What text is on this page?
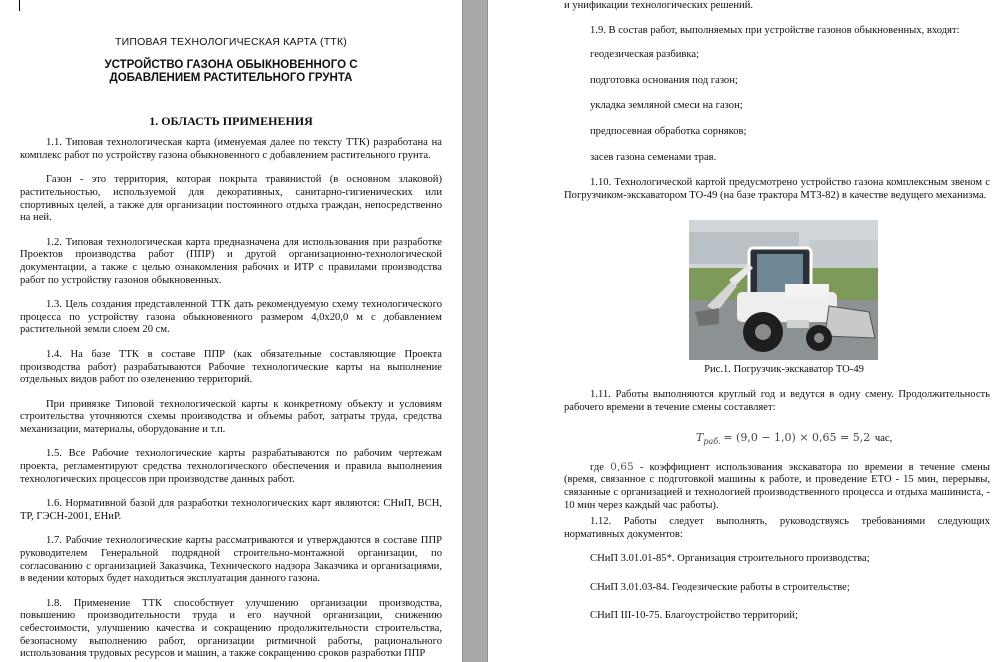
ТИПОВАЯ ТЕХНОЛОГИЧЕСКАЯ КАРТА (ТТК)

УСТРОЙСТВО ГАЗОНА ОБЫКНОВЕННОГО С ДОБАВЛЕНИЕМ РАСТИТЕЛЬНОГО ГРУНТА

1. ОБЛАСТЬ ПРИМЕНЕНИЯ

1.1. Типовая технологическая карта (именуемая далее по тексту ТТК) разработана на комплекс работ по устройству газона обыкновенного с добавлением растительного грунта.

Газон - это территория, которая покрыта травянистой (в основном злаковой) растительностью, используемой для декоративных, санитарно-гигиенических или спортивных целей, а также для организации постоянного отдыха граждан, непосредственно на ней.

1.2. Типовая технологическая карта предназначена для использования при разработке Проектов производства работ (ППР) и другой организационно-технологической документации, а также с целью ознакомления рабочих и ИТР с правилами производства работ по устройству газонов обыкновенных.

1.3. Цель создания представленной ТТК дать рекомендуемую схему технологического процесса по устройству газона обыкновенного размером 4,0х20,0 м с добавлением растительной земли слоем 20 см.

1.4. На базе ТТК в составе ППР (как обязательные составляющие Проекта производства работ) разрабатываются Рабочие технологические карты на выполнение отдельных видов работ по озеленению территорий.

При привязке Типовой технологической карты к конкретному объекту и условиям строительства уточняются схемы производства и объемы работ, затраты труда, средства механизации, материалы, оборудование и т.п.

1.5. Все Рабочие технологические карты разрабатываются по рабочим чертежам проекта, регламентируют средства технологического обеспечения и правила выполнения технологических процессов при производстве данных работ.

1.6. Нормативной базой для разработки технологических карт являются: СНиП, ВСН, ТР, ГЭСН-2001, ЕНиР.

1.7. Рабочие технологические карты рассматриваются и утверждаются в составе ППР руководителем Генеральной подрядной строительно-монтажной организации, по согласованию с организацией Заказчика, Технического надзора Заказчика и организациями, в ведении которых будет находиться эксплуатация данного газона.

1.8. Применение ТТК способствует улучшению организации производства, повышению производительности труда и его научной организации, снижению себестоимости, улучшению качества и сокращению продолжительности строительства, безопасному выполнению работ, организации ритмичной работы, рационального использования трудовых ресурсов и машин, а также сокращению сроков разработки ППР

и унификации технологических решений.

1.9. В состав работ, выполняемых при устройстве газонов обыкновенных, входят:

геодезическая разбивка;

подготовка основания под газон;

укладка земляной смеси на газон;

предпосевная обработка сорняков;

засев газона семенами трав.

1.10. Технологической картой предусмотрено устройство газона комплексным звеном с Погрузчиком-экскаватором ТО-49 (на базе трактора МТЗ-82) в качестве ведущего механизма.

Рис.1. Погрузчик-экскаватор ТО-49

1.11. Работы выполняются круглый год и ведутся в одну смену. Продолжительность рабочего времени в течение смены составляет:

$T_{раб.} = (9,0 - 1,0) \times 0,65 = 5,2$ час,

где 0,65 - коэффициент использования экскаватора по времени в течение смены (время, связанное с подготовкой машины к работе, и проведение ЕТО - 15 мин, перерывы, связанные с организацией и технологией производственного процесса и отдыха машиниста, - 10 мин через каждый час работы).

1.12. Работы следует выполнять, руководствуясь требованиями следующих нормативных документов:

СНиП 3.01.01-85*. Организация строительного производства;

СНиП 3.01.03-84. Геодезические работы в строительстве;

СНиП III-10-75. Благоустройство территорий;
